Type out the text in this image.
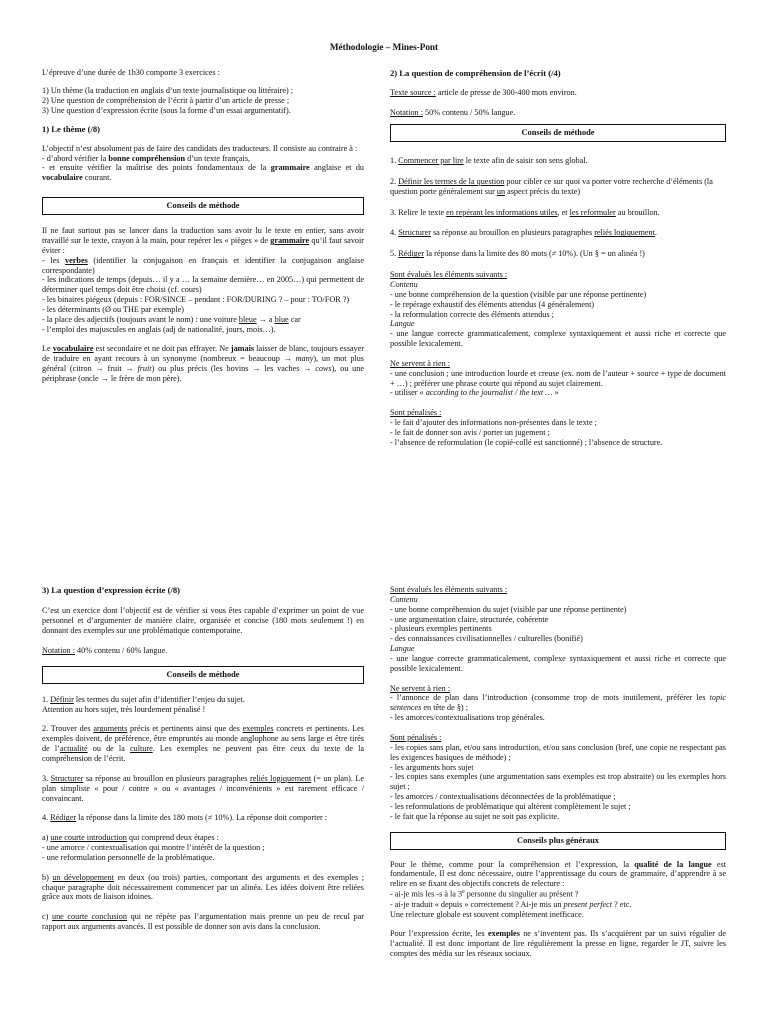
Méthodologie – Mines-Pont

L’épreuve d’une durée de 1h30 comporte 3 exercices :

1) Un thème (la traduction en anglais d’un texte journalistique ou littéraire) ;
2) Une question de compréhension de l’écrit à partir d’un article de presse ;
3) Une question d’expression écrite (sous la forme d’un essai argumentatif).

1) Le thème (/8)

L’objectif n’est absolument pas de faire des candidats des traducteurs. Il consiste au contraire à :
- d’abord vérifier la bonne compréhension d’un texte français,
- et ensuite vérifier la maîtrise des points fondamentaux de la grammaire anglaise et du vocabulaire courant.

Conseils de méthode

Il ne faut surtout pas se lancer dans la traduction sans avoir lu le texte en entier, sans avoir travaillé sur le texte, crayon à la main, pour repérer les « pièges » de grammaire qu’il faut savoir éviter :
- les verbes (identifier la conjugaison en français et identifier la conjugaison anglaise correspondante)
- les indications de temps (depuis… il y a … la semaine dernière… en 2005…) qui permettent de déterminer quel temps doit être choisi (cf. cours)
- les binaires piégeux (depuis : FOR/SINCE – pendant : FOR/DURING ? – pour : TO/FOR ?)
- les déterminants (Ø ou THE par exemple)
- la place des adjectifs (toujours avant le nom) : une voiture bleue → a blue car
- l’emploi des majuscules en anglais (adj de nationalité, jours, mois…).

Le vocabulaire est secondaire et ne doit pas effrayer. Ne jamais laisser de blanc, toujours essayer de traduire en ayant recours à un synonyme (nombreux = beaucoup → many), un mot plus général (citron → fruit → fruit) ou plus précis (les bovins → les vaches → cows), ou une périphrase (oncle → le frère de mon père).

2) La question de compréhension de l’écrit (/4)

Texte source : article de presse de 300-400 mots environ.

Notation : 50% contenu / 50% langue.

Conseils de méthode

1. Commencer par lire le texte afin de saisir son sens global.

2. Définir les termes de la question pour cibler ce sur quoi va porter votre recherche d’éléments (la question porte généralement sur un aspect précis du texte)

3. Relire le texte en repérant les informations utiles, et les reformuler au brouillon.

4. Structurer sa réponse au brouillon en plusieurs paragraphes reliés logiquement.

5. Rédiger la réponse dans la limite des 80 mots (≠ 10%). (Un § = un alinéa !)

Sont évalués les éléments suivants :
Contenu
- une bonne compréhension de la question (visible par une réponse pertinente)
- le repérage exhaustif des éléments attendus (4 généralement)
- la reformulation correcte des éléments attendus ;
Langue
- une langue correcte grammaticalement, complexe syntaxiquement et aussi riche et correcte que possible lexicalement.

Ne servent à rien :
- une conclusion ; une introduction lourde et creuse (ex. nom de l’auteur + source + type de document + …) ; préférer une phrase courte qui répond au sujet clairement.
- utiliser « according to the journalist / the text … »

Sont pénalisés :
- le fait d’ajouter des informations non-présentes dans le texte ;
- le fait de donner son avis / porter un jugement ;
- l’absence de reformulation (le copié-collé est sanctionné) ; l’absence de structure.

3) La question d’expression écrite (/8)

C’est un exercice dont l’objectif est de vérifier si vous êtes capable d’exprimer un point de vue personnel et d’argumenter de manière claire, organisée et concise (180 mots seulement !) en donnant des exemples sur une problématique contemporaine.

Notation : 40% contenu / 60% langue.

Conseils de méthode

1. Définir les termes du sujet afin d’identifier l’enjeu du sujet.
Attention au hors sujet, très lourdement pénalisé !

2. Trouver des arguments précis et pertinents ainsi que des exemples concrets et pertinents. Les exemples doivent, de préférence, être empruntés au monde anglophone au sens large et être tirés de l’actualité ou de la culture. Les exemples ne peuvent pas être ceux du texte de la compréhension de l’écrit.

3. Structurer sa réponse au brouillon en plusieurs paragraphes reliés logiquement (= un plan). Le plan simpliste « pour / contre » ou « avantages / inconvénients » est rarement efficace / convaincant.

4. Rédiger la réponse dans la limite des 180 mots (≠ 10%). La réponse doit comporter :

a) une courte introduction qui comprend deux étapes :
- une amorce / contextualisation qui montre l’intérêt de la question ;
- une reformulation personnelle de la problématique.

b) un développement en deux (ou trois) parties, comportant des arguments et des exemples ; chaque paragraphe doit nécessairement commencer par un alinéa. Les idées doivent être reliées grâce aux mots de liaison idoines.

c) une courte conclusion qui ne répète pas l’argumentation mais prenne un peu de recul par rapport aux arguments avancés. Il est possible de donner son avis dans la conclusion.

Sont évalués les éléments suivants :
Contenu
- une bonne compréhension du sujet (visible par une réponse pertinente)
- une argumentation claire, structurée, cohérente
- plusieurs exemples pertinents
- des connaissances civilisationnelles / culturelles (bonifié)
Langue
- une langue correcte grammaticalement, complexe syntaxiquement et aussi riche et correcte que possible lexicalement.

Ne servent à rien :
- l’annonce de plan dans l’introduction (consomme trop de mots inutilement, préférer les topic sentences en tête de §) ;
- les amorces/contextualisations trop générales.

Sont pénalisés :
- les copies sans plan, et/ou sans introduction, et/ou sans conclusion (bref, une copie ne respectant pas les exigences basiques de méthode) ;
- les arguments hors sujet
- les copies sans exemples (une argumentation sans exemples est trop abstraite) ou les exemples hors sujet ;
- les amorces / contextualisations déconnectées de la problématique ;
- les reformulations de problématique qui altèrent complètement le sujet ;
- le fait que la réponse au sujet ne soit pas explicite.

Conseils plus généraux

Pour le thème, comme pour la compréhension et l’expression, la qualité de la langue est fondamentale. Il est donc nécessaire, outre l’apprentissage du cours de grammaire, d’apprendre à se relire en se fixant des objectifs concrets de relecture :
- ai-je mis les -s à la 3e personne du singulier au présent ?
- ai-je traduit « depuis » correctement ? Ai-je mis un present perfect ? etc.
Une relecture globale est souvent complètement inefficace.

Pour l’expression écrite, les exemples ne s’inventent pas. Ils s’acquièrent par un suivi régulier de l’actualité. Il est donc important de lire régulièrement la presse en ligne, regarder le JT, suivre les comptes des média sur les réseaux sociaux.
